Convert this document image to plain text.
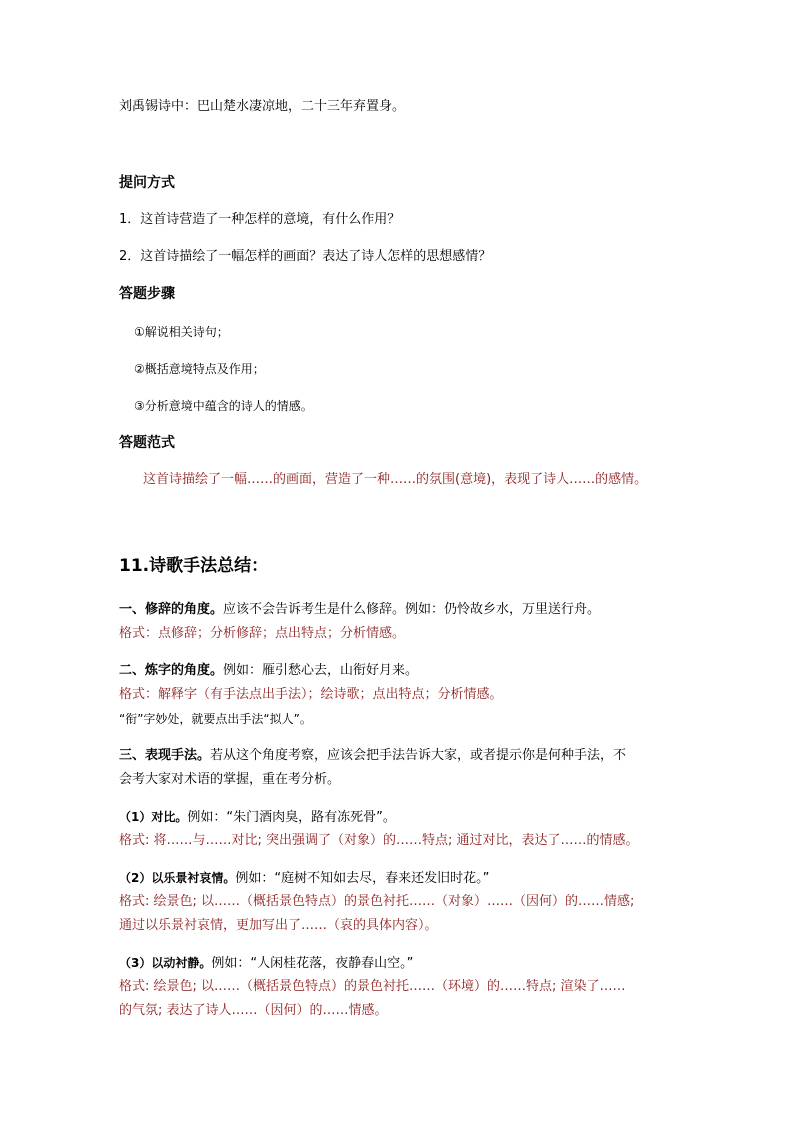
刘禹锡诗中：巴山楚水凄凉地，二十三年弃置身。
提问方式
1．这首诗营造了一种怎样的意境，有什么作用？
2．这首诗描绘了一幅怎样的画面？表达了诗人怎样的思想感情？
答题步骤
①解说相关诗句；
②概括意境特点及作用；
③分析意境中蕴含的诗人的情感。
答题范式
这首诗描绘了一幅……的画面，营造了一种……的氛围(意境)，表现了诗人……的感情。
11.诗歌手法总结：
一、修辞的角度。应该不会告诉考生是什么修辞。例如：仍怜故乡水，万里送行舟。
格式：点修辞；分析修辞；点出特点；分析情感。
二、炼字的角度。例如：雁引愁心去，山衔好月来。
格式：解释字（有手法点出手法）；绘诗歌；点出特点；分析情感。
“衔”字妙处，就要点出手法“拟人”。
三、表现手法。若从这个角度考察，应该会把手法告诉大家，或者提示你是何种手法，不
会考大家对术语的掌握，重在考分析。
（1）对比。例如：“朱门酒肉臭，路有冻死骨”。
格式: 将……与……对比; 突出强调了（对象）的……特点; 通过对比，表达了……的情感。
（2）以乐景衬哀情。例如：“庭树不知如去尽，春来还发旧时花。”
格式: 绘景色; 以……（概括景色特点）的景色衬托……（对象）……（因何）的……情感;
通过以乐景衬哀情，更加写出了……（哀的具体内容）。
（3）以动衬静。例如：“人闲桂花落，夜静春山空。”
格式: 绘景色; 以……（概括景色特点）的景色衬托……（环境）的……特点; 渲染了……
的气氛; 表达了诗人……（因何）的……情感。
